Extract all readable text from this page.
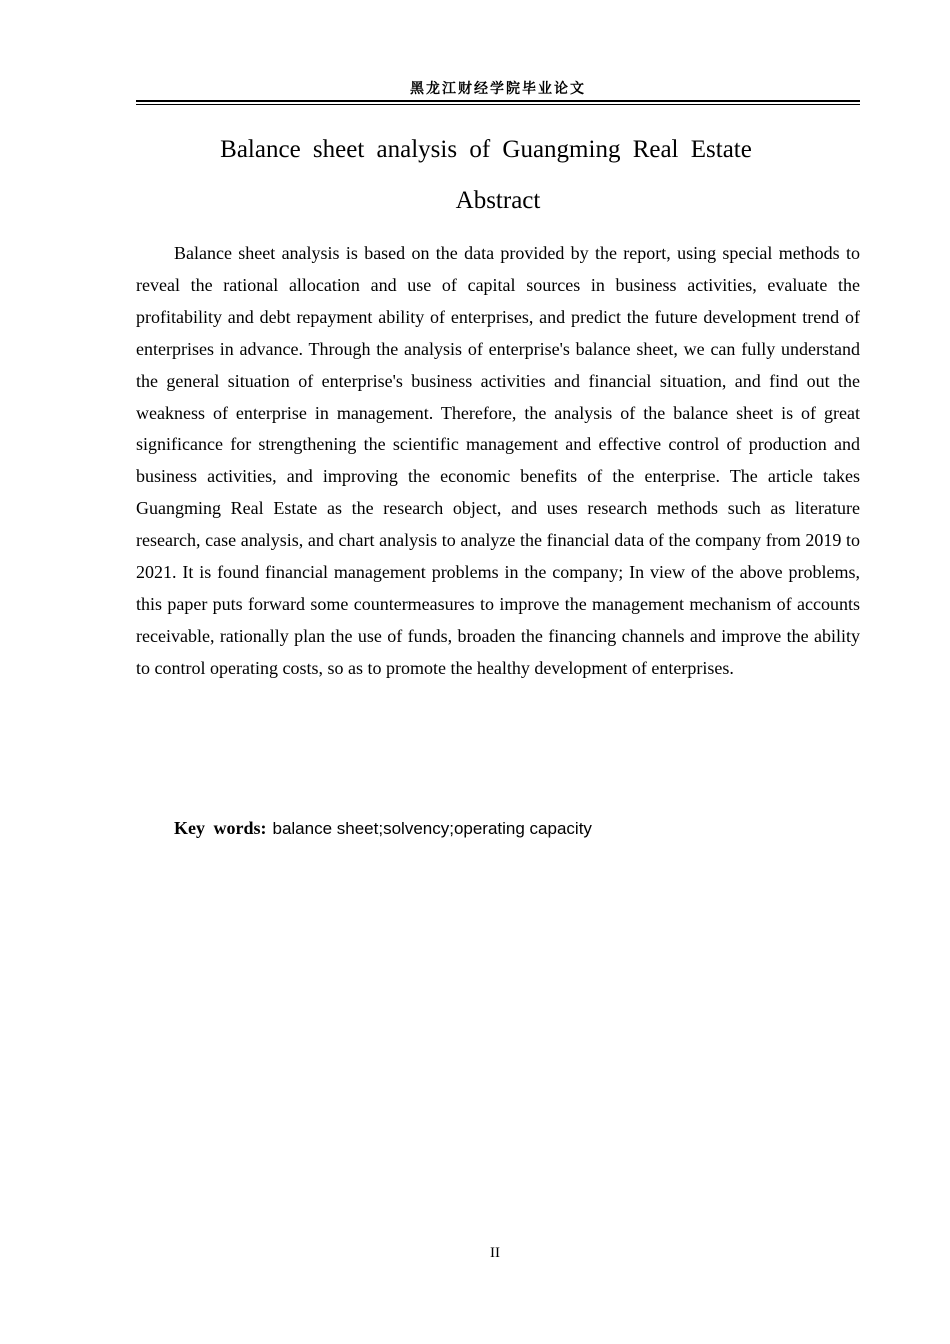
黑龙江财经学院毕业论文
Balance sheet analysis of Guangming Real Estate
Abstract

Balance sheet analysis is based on the data provided by the report, using special methods to reveal the rational allocation and use of capital sources in business activities, evaluate the profitability and debt repayment ability of enterprises, and predict the future development trend of enterprises in advance. Through the analysis of enterprise's balance sheet, we can fully understand the general situation of enterprise's business activities and financial situation, and find out the weakness of enterprise in management. Therefore, the analysis of the balance sheet is of great significance for strengthening the scientific management and effective control of production and business activities, and improving the economic benefits of the enterprise. The article takes Guangming Real Estate as the research object, and uses research methods such as literature research, case analysis, and chart analysis to analyze the financial data of the company from 2019 to 2021. It is found financial management problems in the company; In view of the above problems, this paper puts forward some countermeasures to improve the management mechanism of accounts receivable, rationally plan the use of funds, broaden the financing channels and improve the ability to control operating costs, so as to promote the healthy development of enterprises.

Key words: balance sheet;solvency;operating capacity
II
